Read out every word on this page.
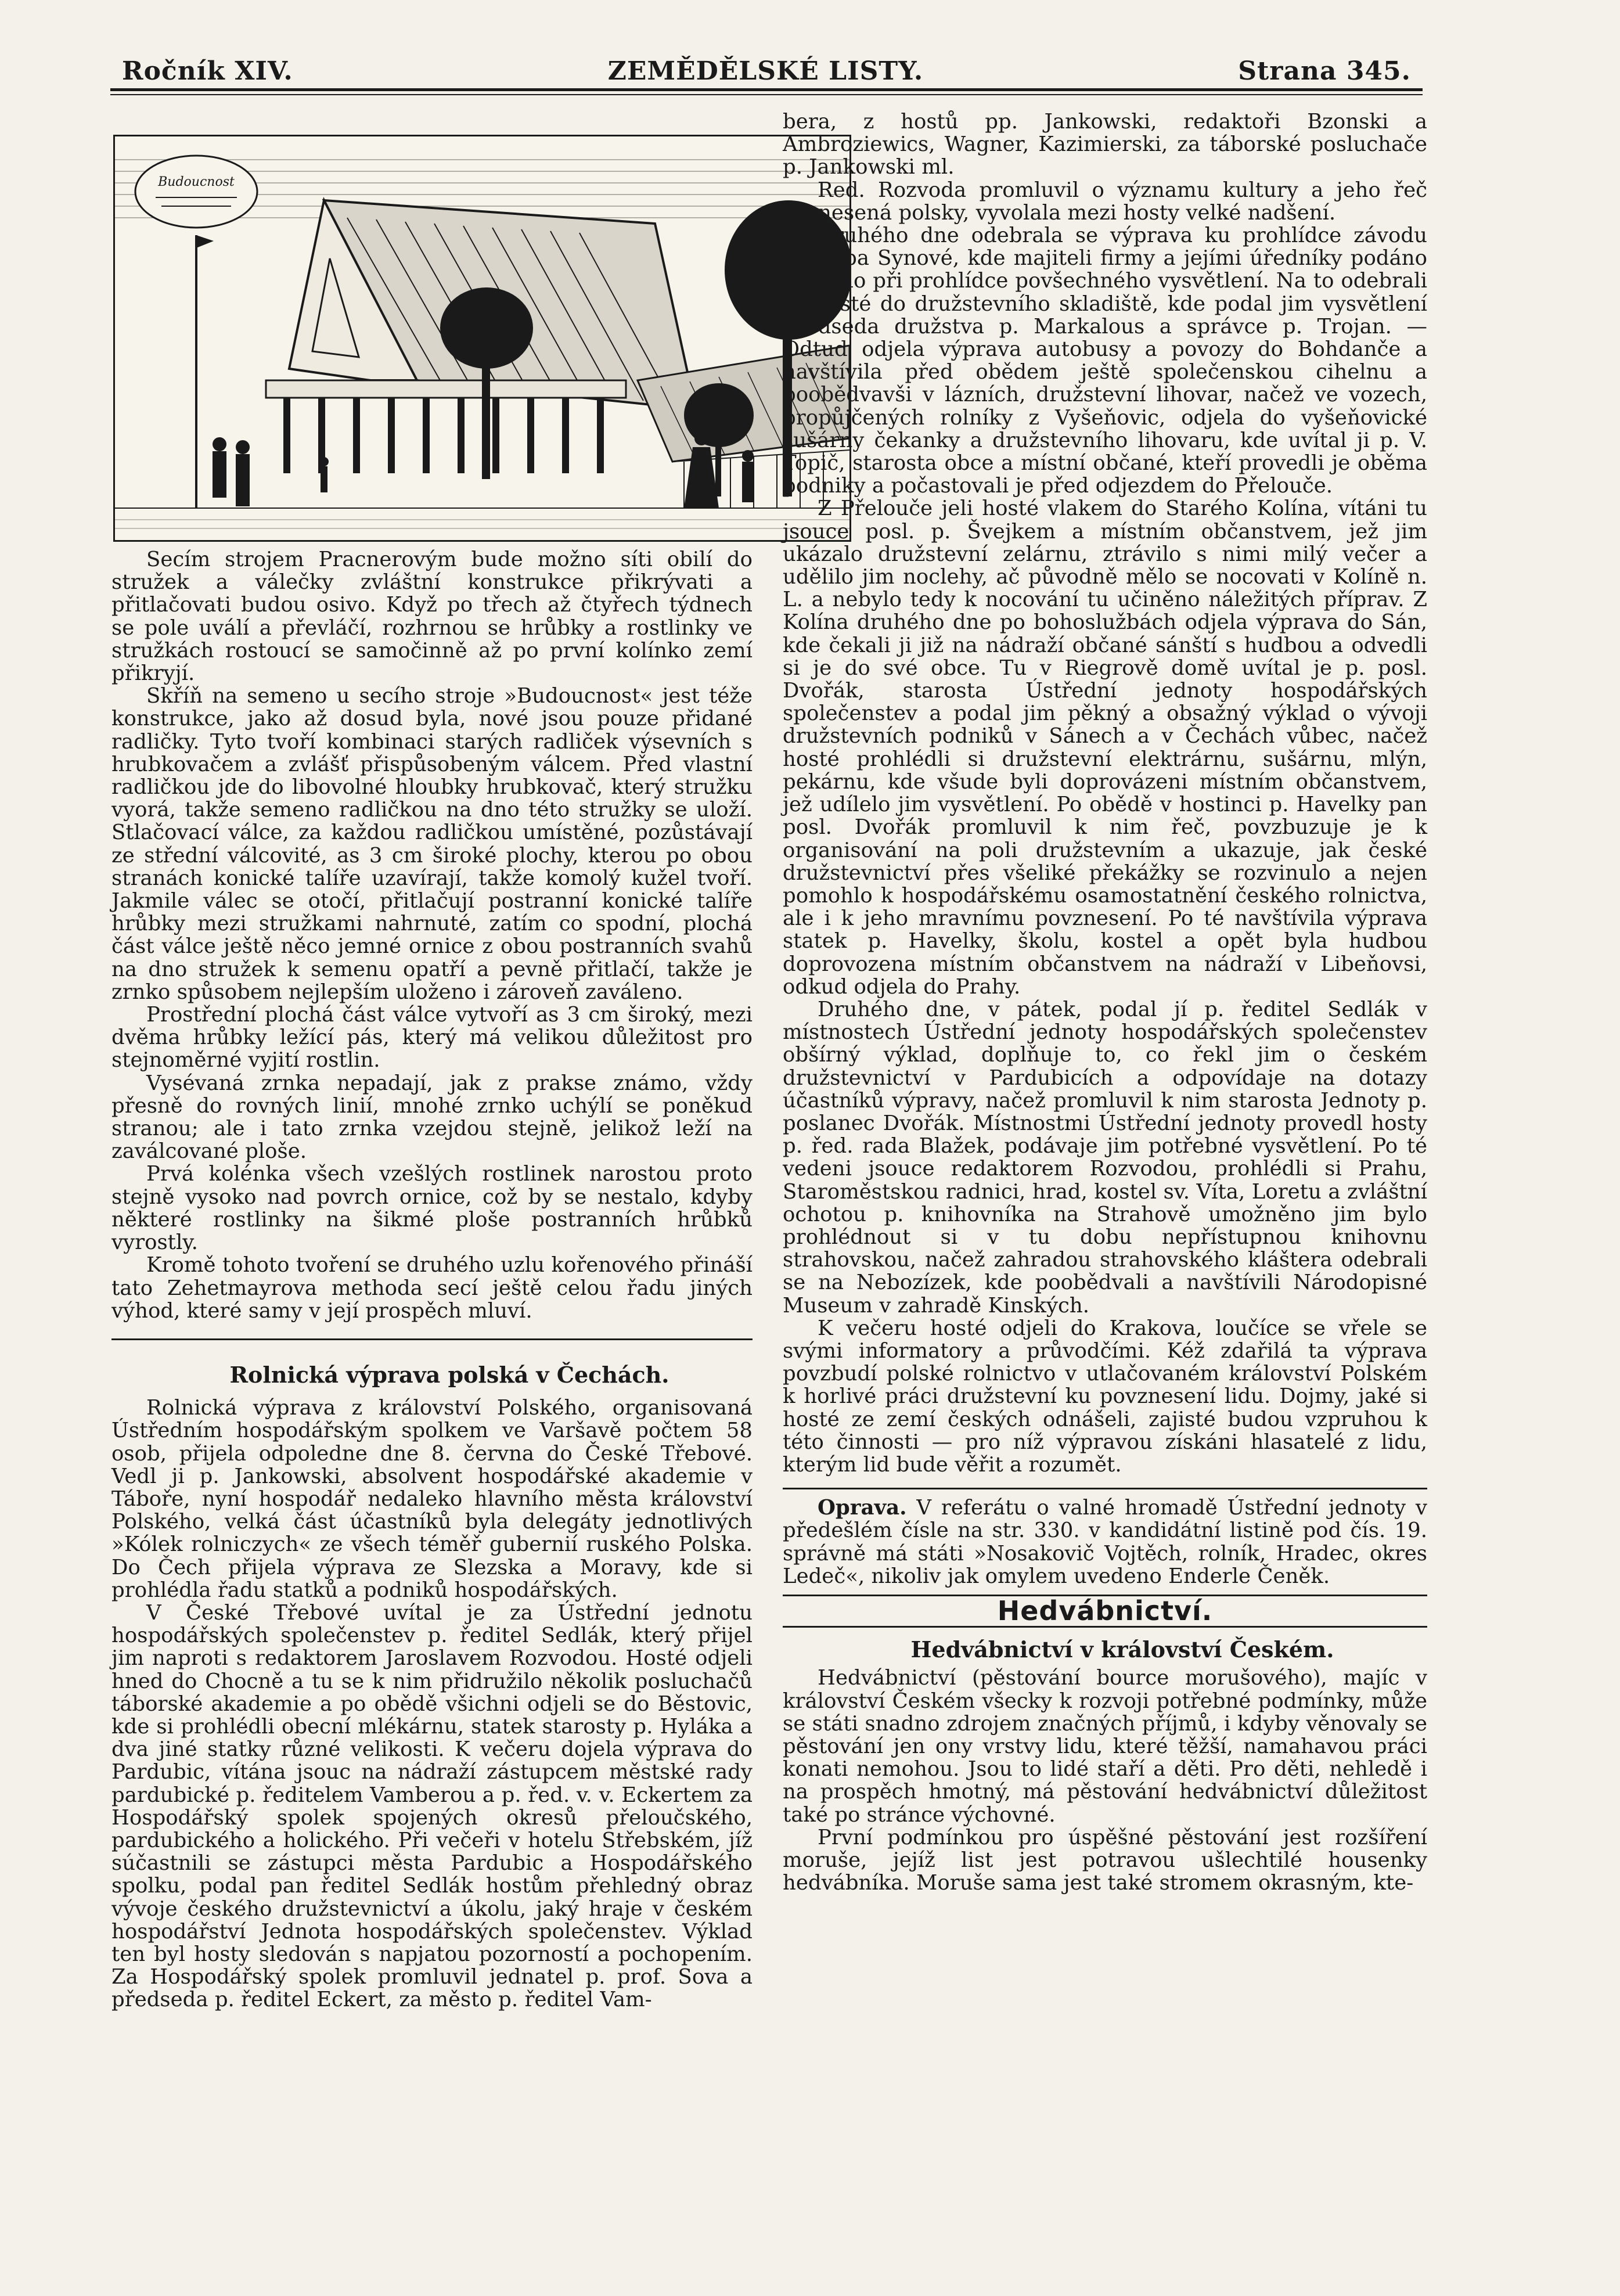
Ročník XIV.	ZEMĚDĚLSKÉ LISTY.	Strana 345.
Budoucnost

Secím strojem Pracnerovým bude možno síti obilí do stružek a válečky zvláštní konstrukce přikrývati a přitlačovati budou osivo. Když po třech až čtyřech týdnech se pole uválí a převláčí, rozhrnou se hrůbky a rostlinky ve stružkách rostoucí se samočinně až po první kolínko zemí přikryjí.

Skříň na semeno u secího stroje »Budoucnost« jest téže konstrukce, jako až dosud byla, nové jsou pouze přidané radličky. Tyto tvoří kombinaci starých radliček výsevních s hrubkovačem a zvlášť přispůsobeným válcem. Před vlastní radličkou jde do libovolné hloubky hrubkovač, který stružku vyorá, takže semeno radličkou na dno této stružky se uloží. Stlačovací válce, za každou radličkou umístěné, pozůstávají ze střední válcovité, as 3 cm široké plochy, kterou po obou stranách konické talíře uzavírají, takže komolý kužel tvoří. Jakmile válec se otočí, přitlačují postranní konické talíře hrůbky mezi stružkami nahrnuté, zatím co spodní, plochá část válce ještě něco jemné ornice z obou postranních svahů na dno stružek k semenu opatří a pevně přitlačí, takže je zrnko spůsobem nejlepším uloženo i zároveň zaváleno.

Prostřední plochá část válce vytvoří as 3 cm široký, mezi dvěma hrůbky ležící pás, který má velikou důležitost pro stejnoměrné vyjití rostlin.

Vysévaná zrnka nepadají, jak z prakse známo, vždy přesně do rovných linií, mnohé zrnko uchýlí se poněkud stranou; ale i tato zrnka vzejdou stejně, jelikož leží na zaválcované ploše.

Prvá kolénka všech vzešlých rostlinek narostou proto stejně vysoko nad povrch ornice, což by se nestalo, kdyby některé rostlinky na šikmé ploše postranních hrůbků vyrostly.

Kromě tohoto tvoření se druhého uzlu kořenového přináší tato Zehetmayrova methoda secí ještě celou řadu jiných výhod, které samy v její prospěch mluví.

Rolnická výprava polská v Čechách.

Rolnická výprava z království Polského, organisovaná Ústředním hospodářským spolkem ve Varšavě počtem 58 osob, přijela odpoledne dne 8. června do České Třebové. Vedl ji p. Jankowski, absolvent hospodářské akademie v Táboře, nyní hospodář nedaleko hlavního města království Polského, velká část účastníků byla delegáty jednotlivých »Kólek rolniczych« ze všech téměř gubernií ruského Polska. Do Čech přijela výprava ze Slezska a Moravy, kde si prohlédla řadu statků a podniků hospodářských.

V České Třebové uvítal je za Ústřední jednotu hospodářských společenstev p. ředitel Sedlák, který přijel jim naproti s redaktorem Jaroslavem Rozvodou. Hosté odjeli hned do Chocně a tu se k nim přidružilo několik posluchačů táborské akademie a po obědě všichni odjeli se do Běstovic, kde si prohlédli obecní mlékárnu, statek starosty p. Hyláka a dva jiné statky různé velikosti. K večeru dojela výprava do Pardubic, vítána jsouc na nádraží zástupcem městské rady pardubické p. ředitelem Vamberou a p. řed. v. v. Eckertem za Hospodářský spolek spojených okresů přeloučského, pardubického a holického. Při večeři v hotelu Střebském, jíž súčastnili se zástupci města Pardubic a Hospodářského spolku, podal pan ředitel Sedlák hostům přehledný obraz vývoje českého družstevnictví a úkolu, jaký hraje v českém hospodářství Jednota hospodářských společenstev. Výklad ten byl hosty sledován s napjatou pozorností a pochopením. Za Hospodářský spolek promluvil jednatel p. prof. Sova a předseda p. ředitel Eckert, za město p. ředitel Vam-

bera, z hostů pp. Jankowski, redaktoři Bzonski a Ambroziewics, Wagner, Kazimierski, za táborské posluchače p. Jankowski ml.

Red. Rozvoda promluvil o významu kultury a jeho řeč pronesená polsky, vyvolala mezi hosty velké nadšení.

Druhého dne odebrala se výprava ku prohlídce závodu Prokopa Synové, kde majiteli firmy a jejími úředníky podáno jim bylo při prohlídce povšechného vysvětlení. Na to odebrali se hosté do družstevního skladiště, kde podal jim vysvětlení předseda družstva p. Markalous a správce p. Trojan. — Odtud odjela výprava autobusy a povozy do Bohdanče a navštívila před obědem ještě společenskou cihelnu a poobědvavši v lázních, družstevní lihovar, načež ve vozech, propůjčených rolníky z Vyšeňovic, odjela do vyšeňovické sušárny čekanky a družstevního lihovaru, kde uvítal ji p. V. Topič, starosta obce a místní občané, kteří provedli je oběma podniky a počastovali je před odjezdem do Přelouče.

Z Přelouče jeli hosté vlakem do Starého Kolína, vítáni tu jsouce posl. p. Švejkem a místním občanstvem, jež jim ukázalo družstevní zelárnu, ztrávilo s nimi milý večer a udělilo jim noclehy, ač původně mělo se nocovati v Kolíně n. L. a nebylo tedy k nocování tu učiněno náležitých příprav. Z Kolína druhého dne po bohoslužbách odjela výprava do Sán, kde čekali ji již na nádraží občané sánští s hudbou a odvedli si je do své obce. Tu v Riegrově domě uvítal je p. posl. Dvořák, starosta Ústřední jednoty hospodářských společenstev a podal jim pěkný a obsažný výklad o vývoji družstevních podniků v Sánech a v Čechách vůbec, načež hosté prohlédli si družstevní elektrárnu, sušárnu, mlýn, pekárnu, kde všude byli doprovázeni místním občanstvem, jež udílelo jim vysvětlení. Po obědě v hostinci p. Havelky pan posl. Dvořák promluvil k nim řeč, povzbuzuje je k organisování na poli družstevním a ukazuje, jak české družstevnictví přes všeliké překážky se rozvinulo a nejen pomohlo k hospodářskému osamostatnění českého rolnictva, ale i k jeho mravnímu povznesení. Po té navštívila výprava statek p. Havelky, školu, kostel a opět byla hudbou doprovozena místním občanstvem na nádraží v Libeňovsi, odkud odjela do Prahy.

Druhého dne, v pátek, podal jí p. ředitel Sedlák v místnostech Ústřední jednoty hospodářských společenstev obšírný výklad, doplňuje to, co řekl jim o českém družstevnictví v Pardubicích a odpovídaje na dotazy účastníků výpravy, načež promluvil k nim starosta Jednoty p. poslanec Dvořák. Místnostmi Ústřední jednoty provedl hosty p. řed. rada Blažek, podávaje jim potřebné vysvětlení. Po té vedeni jsouce redaktorem Rozvodou, prohlédli si Prahu, Staroměstskou radnici, hrad, kostel sv. Víta, Loretu a zvláštní ochotou p. knihovníka na Strahově umožněno jim bylo prohlédnout si v tu dobu nepřístupnou knihovnu strahovskou, načež zahradou strahovského kláštera odebrali se na Nebozízek, kde poobědvali a navštívili Národopisné Museum v zahradě Kinských.

K večeru hosté odjeli do Krakova, loučíce se vřele se svými informatory a průvodčími. Kéž zdařilá ta výprava povzbudí polské rolnictvo v utlačovaném království Polském k horlivé práci družstevní ku povznesení lidu. Dojmy, jaké si hosté ze zemí českých odnášeli, zajisté budou vzpruhou k této činnosti — pro níž výpravou získáni hlasatelé z lidu, kterým lid bude věřit a rozumět.

Oprava. V referátu o valné hromadě Ústřední jednoty v předešlém čísle na str. 330. v kandidátní listině pod čís. 19. správně má státi »Nosakovič Vojtěch, rolník, Hradec, okres Ledeč«, nikoliv jak omylem uvedeno Enderle Čeněk.

Hedvábnictví.

Hedvábnictví v království Českém.

Hedvábnictví (pěstování bource morušového), majíc v království Českém všecky k rozvoji potřebné podmínky, může se státi snadno zdrojem značných příjmů, i kdyby věnovaly se pěstování jen ony vrstvy lidu, které těžší, namahavou práci konati nemohou. Jsou to lidé staří a děti. Pro děti, nehledě i na prospěch hmotný, má pěstování hedvábnictví důležitost také po stránce výchovné.

První podmínkou pro úspěšné pěstování jest rozšíření moruše, jejíž list jest potravou ušlechtilé housenky hedvábníka. Moruše sama jest také stromem okrasným, kte-
